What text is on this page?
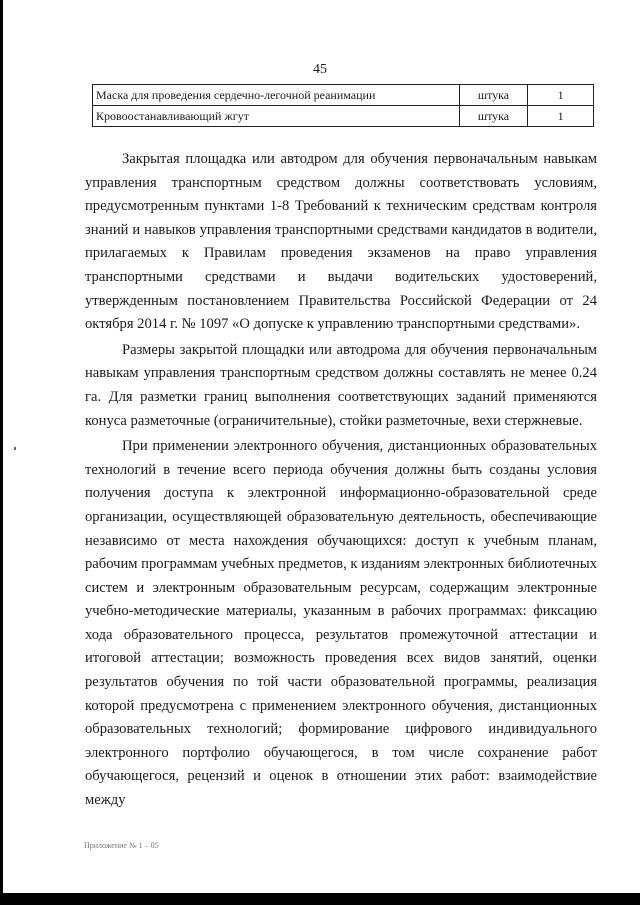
45
Маска для проведения сердечно-легочной реанимации	штука	1
Кровоостанавливающий жгут	штука	1

Закрытая площадка или автодром для обучения первоначальным навыкам управления транспортным средством должны соответствовать условиям, предусмотренным пунктами 1-8 Требований к техническим средствам контроля знаний и навыков управления транспортными средствами кандидатов в водители, прилагаемых к Правилам проведения экзаменов на право управления транспортными средствами и выдачи водительских удостоверений, утвержденным постановлением Правительства Российской Федерации от 24 октября 2014 г. № 1097 «О допуске к управлению транспортными средствами».

Размеры закрытой площадки или автодрома для обучения первоначальным навыкам управления транспортным средством должны составлять не менее 0.24 га. Для разметки границ выполнения соответствующих заданий применяются конуса разметочные (ограничительные), стойки разметочные, вехи стержневые.

При применении электронного обучения, дистанционных образовательных технологий в течение всего периода обучения должны быть созданы условия получения доступа к электронной информационно-образовательной среде организации, осуществляющей образовательную деятельность, обеспечивающие независимо от места нахождения обучающихся: доступ к учебным планам, рабочим программам учебных предметов, к изданиям электронных библиотечных систем и электронным образовательным ресурсам, содержащим электронные учебно-методические материалы, указанным в рабочих программах: фиксацию хода образовательного процесса, результатов промежуточной аттестации и итоговой аттестации; возможность проведения всех видов занятий, оценки результатов обучения по той части образовательной программы, реализация которой предусмотрена с применением электронного обучения, дистанционных образовательных технологий; формирование цифрового индивидуального электронного портфолио обучающегося, в том числе сохранение работ обучающегося, рецензий и оценок в отношении этих работ: взаимодействие между

Приложение № 1 – 05
